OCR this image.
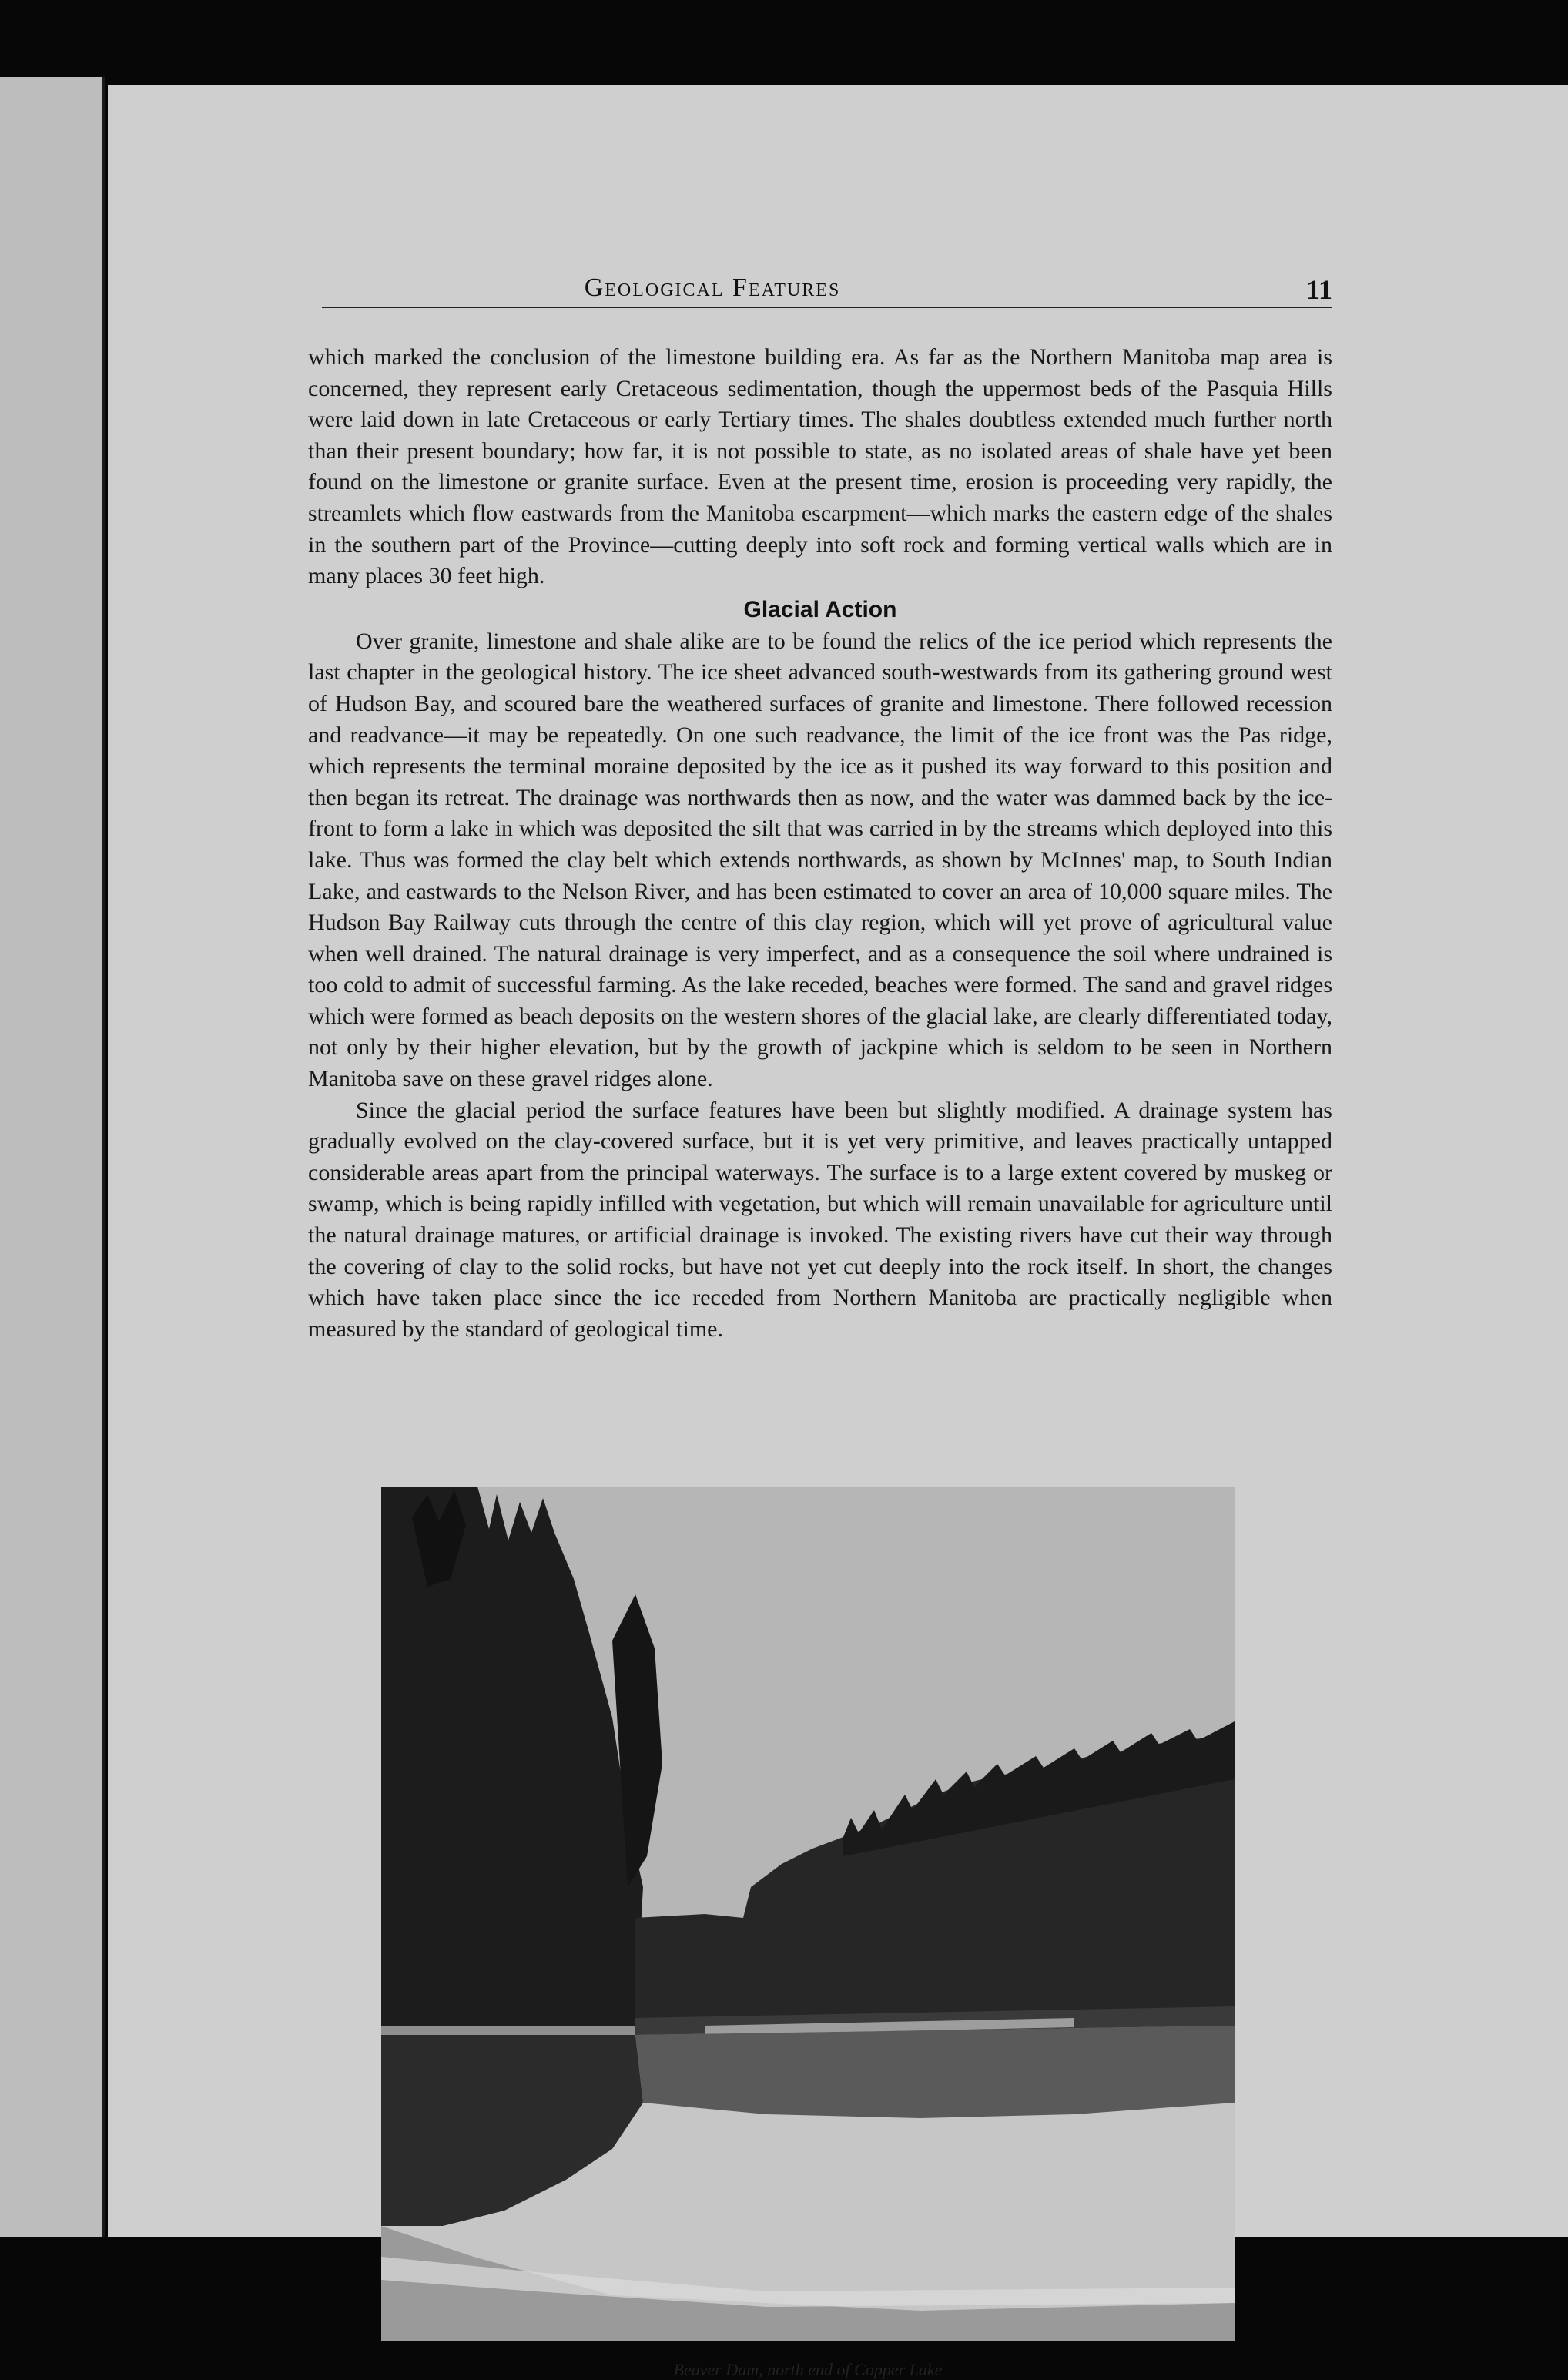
Geological Features	11

which marked the conclusion of the limestone building era. As far as the Northern Manitoba map area is concerned, they represent early Cretaceous sedimentation, though the uppermost beds of the Pasquia Hills were laid down in late Cretaceous or early Tertiary times. The shales doubtless extended much further north than their present boundary; how far, it is not possible to state, as no isolated areas of shale have yet been found on the limestone or granite surface. Even at the present time, erosion is proceeding very rapidly, the streamlets which flow eastwards from the Manitoba escarpment—which marks the eastern edge of the shales in the southern part of the Province—cutting deeply into soft rock and forming vertical walls which are in many places 30 feet high.

Glacial Action

Over granite, limestone and shale alike are to be found the relics of the ice period which represents the last chapter in the geological history. The ice sheet advanced south-westwards from its gathering ground west of Hudson Bay, and scoured bare the weathered surfaces of granite and limestone. There followed recession and readvance—it may be repeatedly. On one such readvance, the limit of the ice front was the Pas ridge, which represents the terminal moraine deposited by the ice as it pushed its way forward to this position and then began its retreat. The drainage was northwards then as now, and the water was dammed back by the ice-front to form a lake in which was deposited the silt that was carried in by the streams which deployed into this lake. Thus was formed the clay belt which extends northwards, as shown by McInnes' map, to South Indian Lake, and eastwards to the Nelson River, and has been estimated to cover an area of 10,000 square miles. The Hudson Bay Railway cuts through the centre of this clay region, which will yet prove of agricultural value when well drained. The natural drainage is very imperfect, and as a consequence the soil where undrained is too cold to admit of successful farming. As the lake receded, beaches were formed. The sand and gravel ridges which were formed as beach deposits on the western shores of the glacial lake, are clearly differentiated today, not only by their higher elevation, but by the growth of jackpine which is seldom to be seen in Northern Manitoba save on these gravel ridges alone.

Since the glacial period the surface features have been but slightly modified. A drainage system has gradually evolved on the clay-covered surface, but it is yet very primitive, and leaves practically untapped considerable areas apart from the principal waterways. The surface is to a large extent covered by muskeg or swamp, which is being rapidly infilled with vegetation, but which will remain unavailable for agriculture until the natural drainage matures, or artificial drainage is invoked. The existing rivers have cut their way through the covering of clay to the solid rocks, but have not yet cut deeply into the rock itself. In short, the changes which have taken place since the ice receded from Northern Manitoba are practically negligible when measured by the standard of geological time.

Beaver Dam, north end of Copper Lake
